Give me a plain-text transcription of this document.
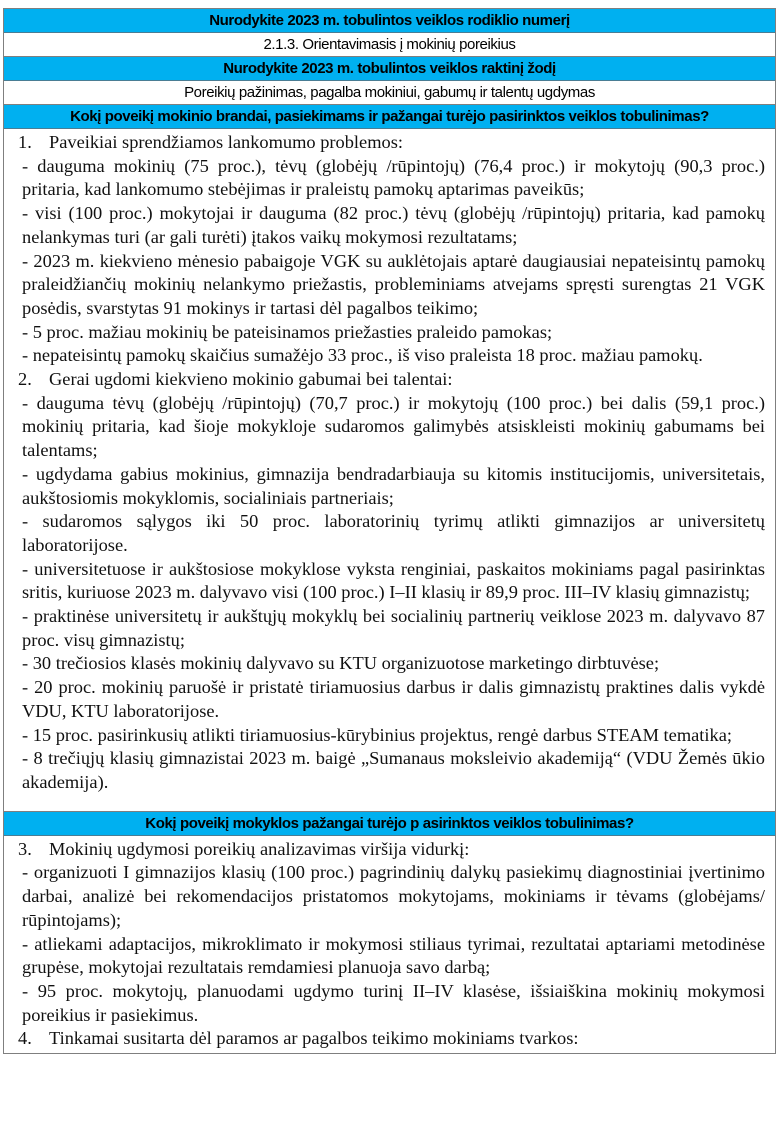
Nurodykite 2023 m. tobulintos veiklos rodiklio numerį
2.1.3. Orientavimasis į mokinių poreikius
Nurodykite 2023 m. tobulintos veiklos raktinį žodį
Poreikių pažinimas, pagalba mokiniui, gabumų ir talentų ugdymas
Kokį poveikį mokinio brandai, pasiekimams ir pažangai turėjo pasirinktos veiklos tobulinimas?
1. Paveikiai sprendžiamos lankomumo problemos:
- dauguma mokinių (75 proc.), tėvų (globėjų /rūpintojų) (76,4 proc.) ir mokytojų (90,3 proc.) pritaria, kad lankomumo stebėjimas ir praleistų pamokų aptarimas paveikūs;
- visi (100 proc.) mokytojai ir dauguma (82 proc.) tėvų (globėjų /rūpintojų) pritaria, kad pamokų nelankymas turi (ar gali turėti) įtakos vaikų mokymosi rezultatams;
- 2023 m. kiekvieno mėnesio pabaigoje VGK su auklėtojais aptarė daugiausiai nepateisintų pamokų praleidžiančių mokinių nelankymo priežastis, probleminiams atvejams spręsti surengtas 21 VGK posėdis, svarstytas 91 mokinys ir tartasi dėl pagalbos teikimo;
- 5 proc. mažiau mokinių be pateisinamos priežasties praleido pamokas;
- nepateisintų pamokų skaičius sumažėjo 33 proc., iš viso praleista 18 proc. mažiau pamokų.
2. Gerai ugdomi kiekvieno mokinio gabumai bei talentai:
- dauguma tėvų (globėjų /rūpintojų) (70,7 proc.) ir mokytojų (100 proc.) bei dalis (59,1 proc.) mokinių pritaria, kad šioje mokykloje sudaromos galimybės atsiskleisti mokinių gabumams bei talentams;
- ugdydama gabius mokinius, gimnazija bendradarbiauja su kitomis institucijomis, universitetais, aukštosiomis mokyklomis, socialiniais partneriais;
- sudaromos sąlygos iki 50 proc. laboratorinių tyrimų atlikti gimnazijos ar universitetų laboratorijose.
- universitetuose ir aukštosiose mokyklose vyksta renginiai, paskaitos mokiniams pagal pasirinktas sritis, kuriuose 2023 m. dalyvavo visi (100 proc.) I–II klasių ir 89,9 proc. III–IV klasių gimnazistų;
- praktinėse universitetų ir aukštųjų mokyklų bei socialinių partnerių veiklose 2023 m. dalyvavo 87 proc. visų gimnazistų;
- 30 trečiosios klasės mokinių dalyvavo su KTU organizuotose marketingo dirbtuvėse;
- 20 proc. mokinių paruošė ir pristatė tiriamuosius darbus ir dalis gimnazistų praktines dalis vykdė VDU, KTU laboratorijose.
- 15 proc. pasirinkusių atlikti tiriamuosius-kūrybinius projektus, rengė darbus STEAM tematika;
- 8 trečiųjų klasių gimnazistai 2023 m. baigė „Sumanaus moksleivio akademiją“ (VDU Žemės ūkio akademija).
Kokį poveikį mokyklos pažangai turėjo p asirinktos veiklos tobulinimas?
3. Mokinių ugdymosi poreikių analizavimas viršija vidurkį:
- organizuoti I gimnazijos klasių (100 proc.) pagrindinių dalykų pasiekimų diagnostiniai įvertinimo darbai, analizė bei rekomendacijos pristatomos mokytojams, mokiniams ir tėvams (globėjams/ rūpintojams);
- atliekami adaptacijos, mikroklimato ir mokymosi stiliaus tyrimai, rezultatai aptariami metodinėse grupėse, mokytojai rezultatais remdamiesi planuoja savo darbą;
- 95 proc. mokytojų, planuodami ugdymo turinį II–IV klasėse, išsiaiškina mokinių mokymosi poreikius ir pasiekimus.
4. Tinkamai susitarta dėl paramos ar pagalbos teikimo mokiniams tvarkos:
